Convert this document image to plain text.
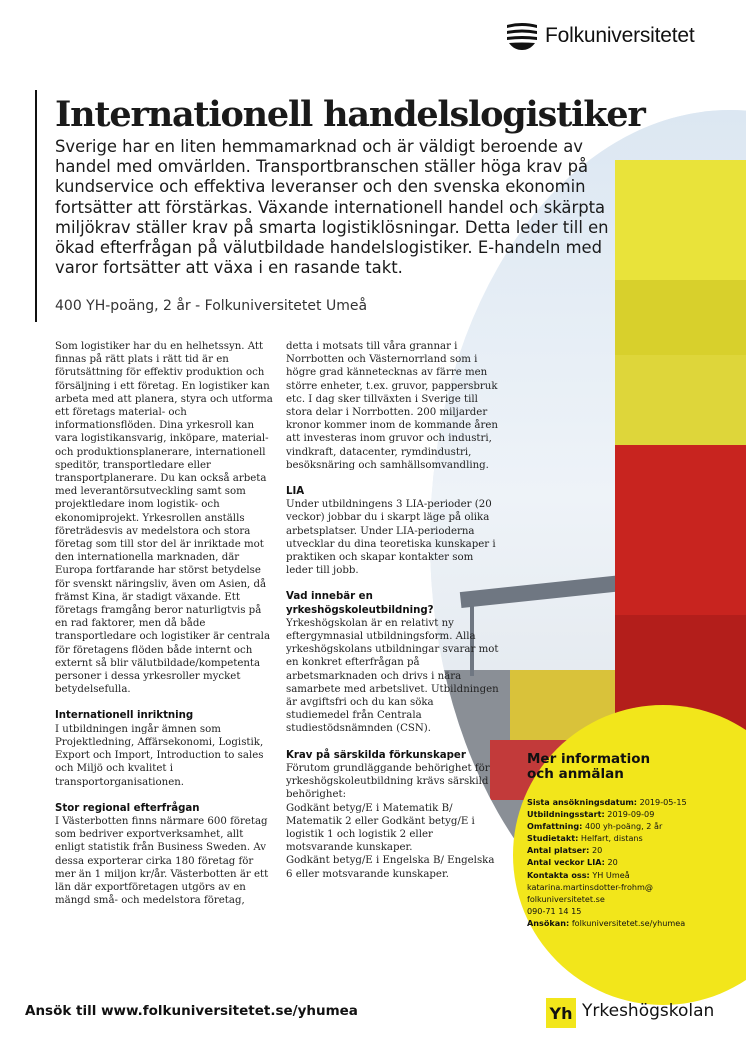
Folkuniversitetet
Internationell handelslogistiker

Sverige har en liten hemmamarknad och är väldigt beroende av handel med omvärlden. Transportbranschen ställer höga krav på kundservice och effektiva leveranser och den svenska ekonomin fortsätter att förstärkas. Växande internationell handel och skärpta miljökrav ställer krav på smarta logistiklösningar. Detta leder till en ökad efterfrågan på välutbildade handelslogistiker. E-handeln med varor fortsätter att växa i en rasande takt.

400 YH-poäng, 2 år - Folkuniversitetet Umeå

Som logistiker har du en helhetssyn. Att finnas på rätt plats i rätt tid är en förutsättning för effektiv produktion och försäljning i ett företag. En logistiker kan arbeta med att planera, styra och utforma ett företags material- och informationsflöden. Dina yrkesroll kan vara logistikansvarig, inköpare, material- och produktionsplanerare, internationell speditör, transportledare eller transportplanerare. Du kan också arbeta med leverantörsutveckling samt som projektledare inom logistik- och ekonomiprojekt. Yrkesrollen anställs företrädesvis av medelstora och stora företag som till stor del är inriktade mot den internationella marknaden, där Europa fortfarande har störst betydelse för svenskt näringsliv, även om Asien, då främst Kina, är stadigt växande. Ett företags framgång beror naturligtvis på en rad faktorer, men då både transportledare och logistiker är centrala för företagens flöden både internt och externt så blir välutbildade/kompetenta personer i dessa yrkesroller mycket betydelsefulla.

Internationell inriktning

I utbildningen ingår ämnen som Projektledning, Affärsekonomi, Logistik, Export och Import, Introduction to sales och Miljö och kvalitet i transportorganisationen.

Stor regional efterfrågan

I Västerbotten finns närmare 600 företag som bedriver exportverksamhet, allt enligt statistik från Business Sweden. Av dessa exporterar cirka 180 företag för mer än 1 miljon kr/år. Västerbotten är ett län där exportföretagen utgörs av en mängd små- och medelstora företag,

detta i motsats till våra grannar i Norrbotten och Västernorrland som i högre grad kännetecknas av färre men större enheter, t.ex. gruvor, pappersbruk etc. I dag sker tillväxten i Sverige till stora delar i Norrbotten. 200 miljarder kronor kommer inom de kommande åren att investeras inom gruvor och industri, vindkraft, datacenter, rymdindustri, besöksnäring och samhällsomvandling.

LIA

Under utbildningens 3 LIA-perioder (20 veckor) jobbar du i skarpt läge på olika arbetsplatser. Under LIA-perioderna utvecklar du dina teoretiska kunskaper i praktiken och skapar kontakter som leder till jobb.

Vad innebär en
yrkeshögskoleutbildning?

Yrkeshögskolan är en relativt ny eftergymnasial utbildningsform. Alla yrkeshögskolans utbildningar svarar mot en konkret efterfrågan på arbetsmarknaden och drivs i nära samarbete med arbetslivet. Utbildningen är avgiftsfri och du kan söka studiemedel från Centrala studiestödsnämnden (CSN).

Krav på särskilda förkunskaper

Förutom grundläggande behörighet för yrkeshögskoleutbildning krävs särskild behörighet:

Godkänt betyg/E i Matematik B/ Matematik 2 eller Godkänt betyg/E i logistik 1 och logistik 2 eller motsvarande kunskaper.

Godkänt betyg/E i Engelska B/ Engelska 6 eller motsvarande kunskaper.

Mer information
och anmälan

Sista ansökningsdatum: 2019-05-15
Utbildningsstart: 2019-09-09
Omfattning: 400 yh-poäng, 2 år
Studietakt: Helfart, distans
Antal platser: 20
Antal veckor LIA: 20
Kontakta oss: YH Umeå
katarina.martinsdotter-frohm@
folkuniversitetet.se
090-71 14 15
Ansökan: folkuniversitetet.se/yhumea

Ansök till www.folkuniversitetet.se/yhumea	Yh Yrkeshögskolan
